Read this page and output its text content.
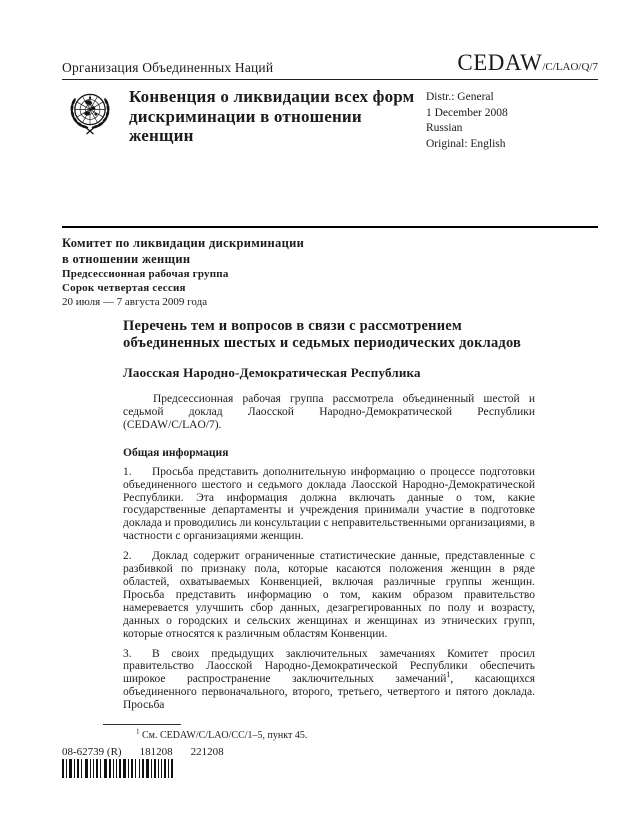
Организация Объединенных Наций	CEDAW/C/LAO/Q/7
Конвенция о ликвидации всех форм дискриминации в отношении женщин
Distr.: General
1 December 2008
Russian
Original: English
Комитет по ликвидации дискриминации
в отношении женщин
Предсессионная рабочая группа
Сорок четвертая сессия
20 июля — 7 августа 2009 года
Перечень тем и вопросов в связи с рассмотрением объединенных шестых и седьмых периодических докладов
Лаосская Народно-Демократическая Республика

Предсессионная рабочая группа рассмотрела объединенный шестой и седьмой доклад Лаосской Народно-Демократической Республики (CEDAW/C/LAO/7).

Общая информация

1. Просьба представить дополнительную информацию о процессе подготовки объединенного шестого и седьмого доклада Лаосской Народно-Демократической Республики. Эта информация должна включать данные о том, какие государственные департаменты и учреждения принимали участие в подготовке доклада и проводились ли консультации с неправительственными организациями, в частности с организациями женщин.

2. Доклад содержит ограниченные статистические данные, представленные с разбивкой по признаку пола, которые касаются положения женщин в ряде областей, охватываемых Конвенцией, включая различные группы женщин. Просьба представить информацию о том, каким образом правительство намеревается улучшить сбор данных, дезагрегированных по полу и возрасту, данных о городских и сельских женщинах и женщинах из этнических групп, которые относятся к различным областям Конвенции.

3. В своих предыдущих заключительных замечаниях Комитет просил правительство Лаосской Народно-Демократической Республики обеспечить широкое распространение заключительных замечаний$^1$, касающихся объединенного первоначального, второго, третьего, четвертого и пятого доклада. Просьба

$^1$ См. CEDAW/C/LAO/CC/1–5, пункт 45.
08-62739 (R) 181208 221208
